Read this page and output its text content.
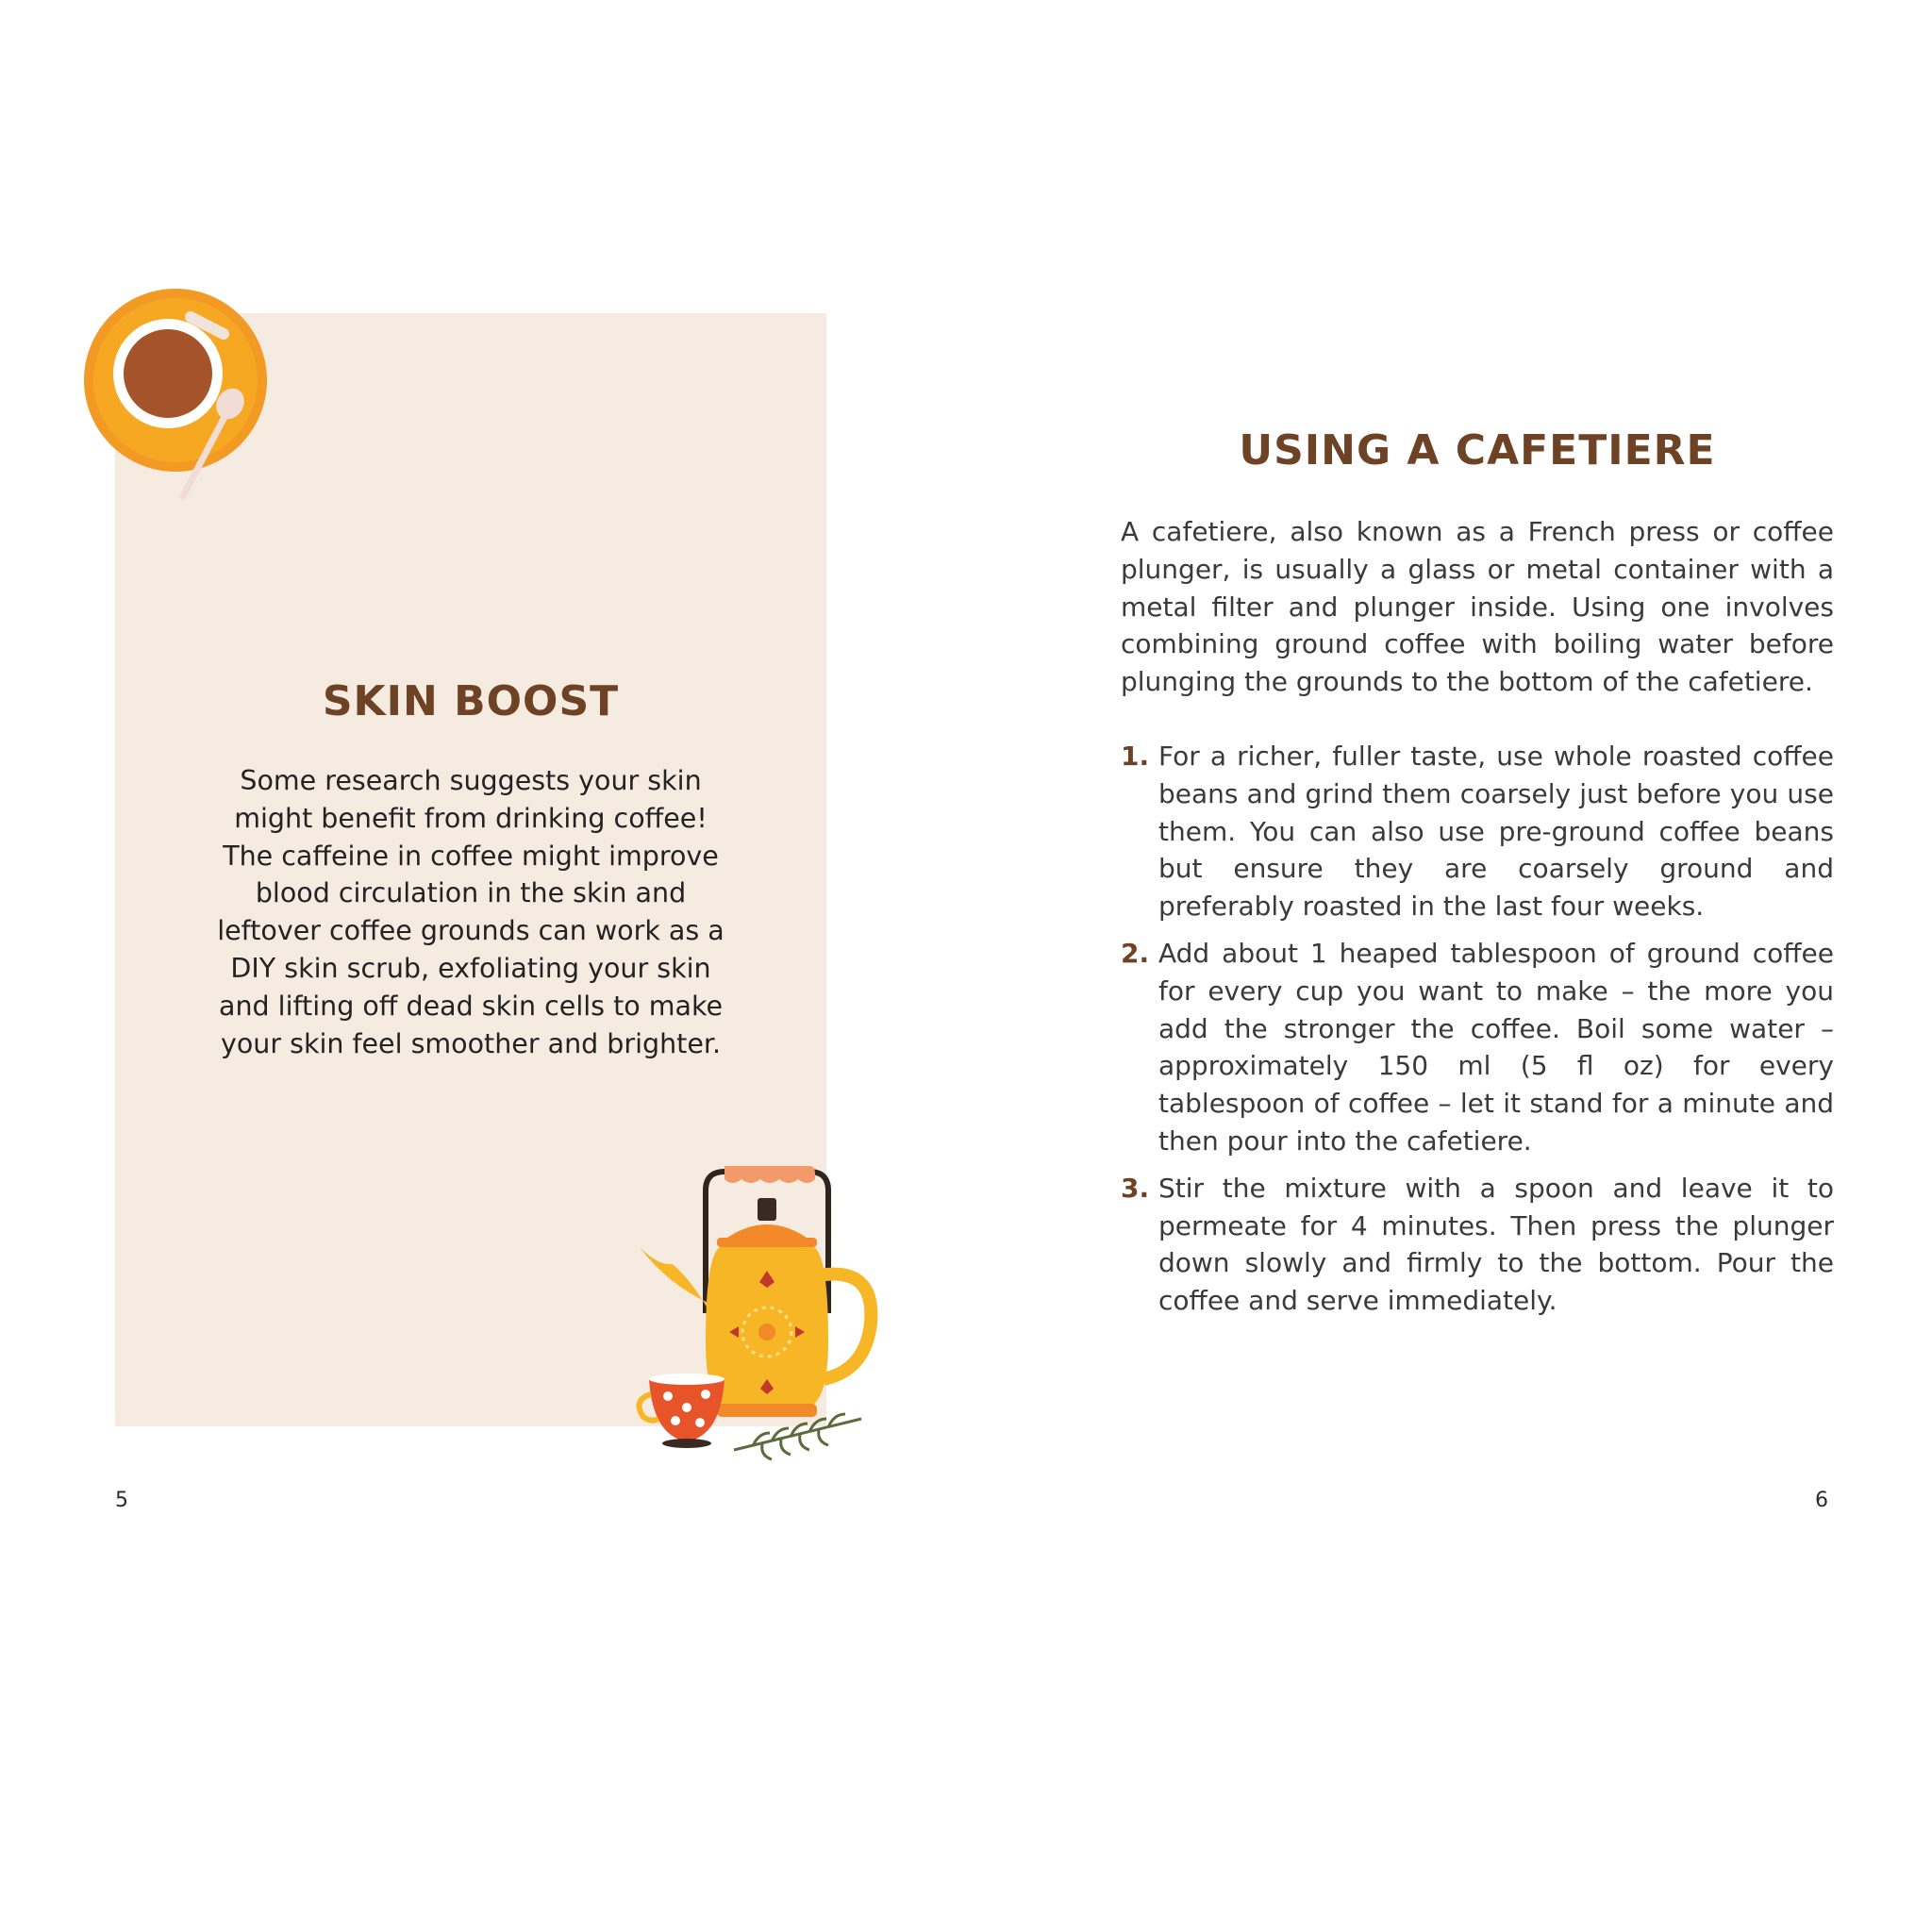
SKIN BOOST

Some research suggests your skin might benefit from drinking coffee! The caffeine in coffee might improve blood circulation in the skin and leftover coffee grounds can work as a DIY skin scrub, exfoliating your skin and lifting off dead skin cells to make your skin feel smoother and brighter.

5
USING A CAFETIERE

A cafetiere, also known as a French press or coffee plunger, is usually a glass or metal container with a metal filter and plunger inside. Using one involves combining ground coffee with boiling water before plunging the grounds to the bottom of the cafetiere.

1. For a richer, fuller taste, use whole roasted coffee beans and grind them coarsely just before you use them. You can also use pre-ground coffee beans but ensure they are coarsely ground and preferably roasted in the last four weeks.
2. Add about 1 heaped tablespoon of ground coffee for every cup you want to make – the more you add the stronger the coffee. Boil some water – approximately 150 ml (5 fl oz) for every tablespoon of coffee – let it stand for a minute and then pour into the cafetiere.
3. Stir the mixture with a spoon and leave it to permeate for 4 minutes. Then press the plunger down slowly and firmly to the bottom. Pour the coffee and serve immediately.
6
